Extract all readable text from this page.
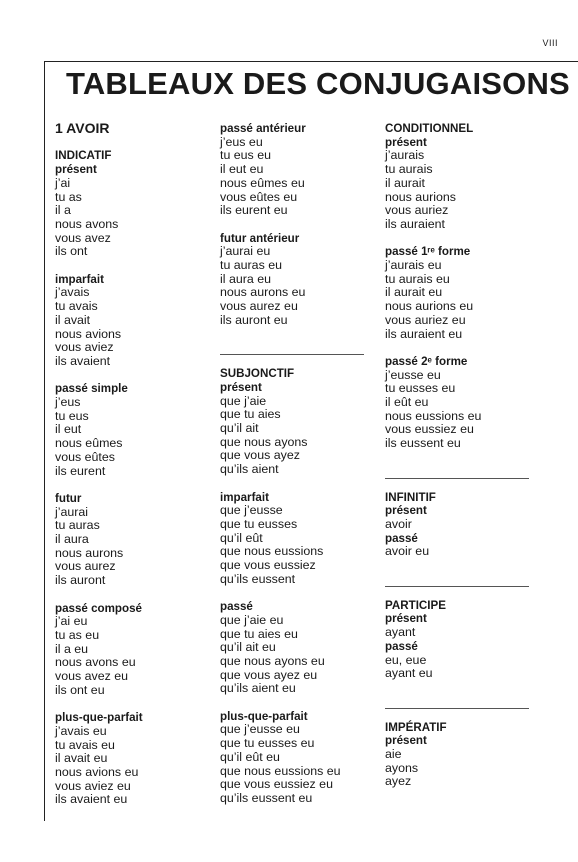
VIII
TABLEAUX DES CONJUGAISONS
1 AVOIR
INDICATIF
présent
j’ai
tu as
il a
nous avons
vous avez
ils ont
imparfait
j’avais
tu avais
il avait
nous avions
vous aviez
ils avaient
passé simple
j’eus
tu eus
il eut
nous eûmes
vous eûtes
ils eurent
futur
j’aurai
tu auras
il aura
nous aurons
vous aurez
ils auront
passé composé
j’ai eu
tu as eu
il a eu
nous avons eu
vous avez eu
ils ont eu
plus-que-parfait
j’avais eu
tu avais eu
il avait eu
nous avions eu
vous aviez eu
ils avaient eu
passé antérieur
j’eus eu
tu eus eu
il eut eu
nous eûmes eu
vous eûtes eu
ils eurent eu
futur antérieur
j’aurai eu
tu auras eu
il aura eu
nous aurons eu
vous aurez eu
ils auront eu
SUBJONCTIF
présent
que j’aie
que tu aies
qu’il ait
que nous ayons
que vous ayez
qu’ils aient
imparfait
que j’eusse
que tu eusses
qu’il eût
que nous eussions
que vous eussiez
qu’ils eussent
passé
que j’aie eu
que tu aies eu
qu’il ait eu
que nous ayons eu
que vous ayez eu
qu’ils aient eu
plus-que-parfait
que j’eusse eu
que tu eusses eu
qu’il eût eu
que nous eussions eu
que vous eussiez eu
qu’ils eussent eu
CONDITIONNEL
présent
j’aurais
tu aurais
il aurait
nous aurions
vous auriez
ils auraient
passé 1ʳᵉ forme
j’aurais eu
tu aurais eu
il aurait eu
nous aurions eu
vous auriez eu
ils auraient eu
passé 2ᵉ forme
j’eusse eu
tu eusses eu
il eût eu
nous eussions eu
vous eussiez eu
ils eussent eu
INFINITIF
présent
avoir
passé
avoir eu
PARTICIPE
présent
ayant
passé
eu, eue
ayant eu
IMPÉRATIF
présent
aie
ayons
ayez
